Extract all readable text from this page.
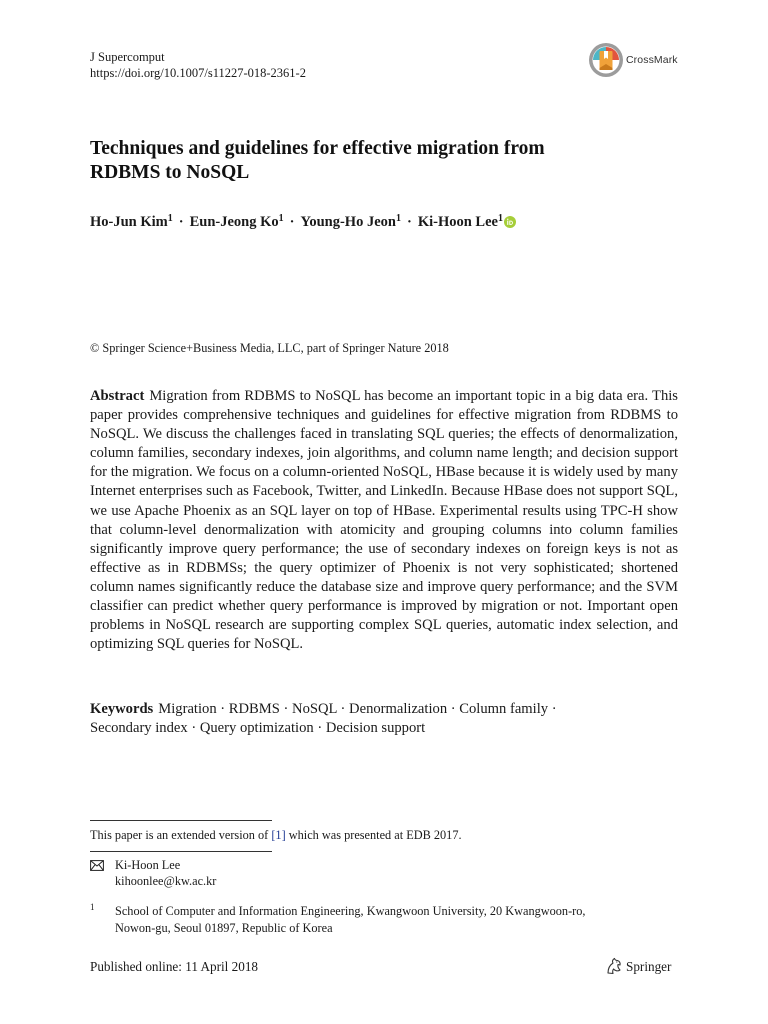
J Supercomput
https://doi.org/10.1007/s11227-018-2361-2
CrossMark
Techniques and guidelines for effective migration from
RDBMS to NoSQL
Ho-Jun Kim$^1$ · Eun-Jeong $Ko^1$ · Young-Ho Jeon$^1$ · Ki-Hoon Lee$^1$
© Springer Science+Business Media, LLC, part of Springer Nature 2018
Abstract Migration from RDBMS to NoSQL has become an important topic in a big data era. This paper provides comprehensive techniques and guidelines for effective migration from RDBMS to NoSQL. We discuss the challenges faced in translating SQL queries; the effects of denormalization, column families, secondary indexes, join algorithms, and column name length; and decision support for the migration. We focus on a column-oriented NoSQL, HBase because it is widely used by many Internet enterprises such as Facebook, Twitter, and LinkedIn. Because HBase does not support SQL, we use Apache Phoenix as an SQL layer on top of HBase. Experimental results using TPC-H show that column-level denormalization with atomicity and grouping columns into column families significantly improve query performance; the use of secondary indexes on foreign keys is not as effective as in RDBMSs; the query optimizer of Phoenix is not very sophisticated; shortened column names significantly reduce the database size and improve query performance; and the SVM classifier can predict whether query performance is improved by migration or not. Important open problems in NoSQL research are supporting complex SQL queries, automatic index selection, and optimizing SQL queries for NoSQL.
Keywords Migration · RDBMS · NoSQL · Denormalization · Column family ·
Secondary index · Query optimization · Decision support
This paper is an extended version of [1] which was presented at EDB 2017.
Ki-Hoon Lee
kihoonlee@kw.ac.kr
1 School of Computer and Information Engineering, Kwangwoon University, 20 Kwangwoon-ro,
Nowon-gu, Seoul 01897, Republic of Korea
Published online: 11 April 2018	Springer
